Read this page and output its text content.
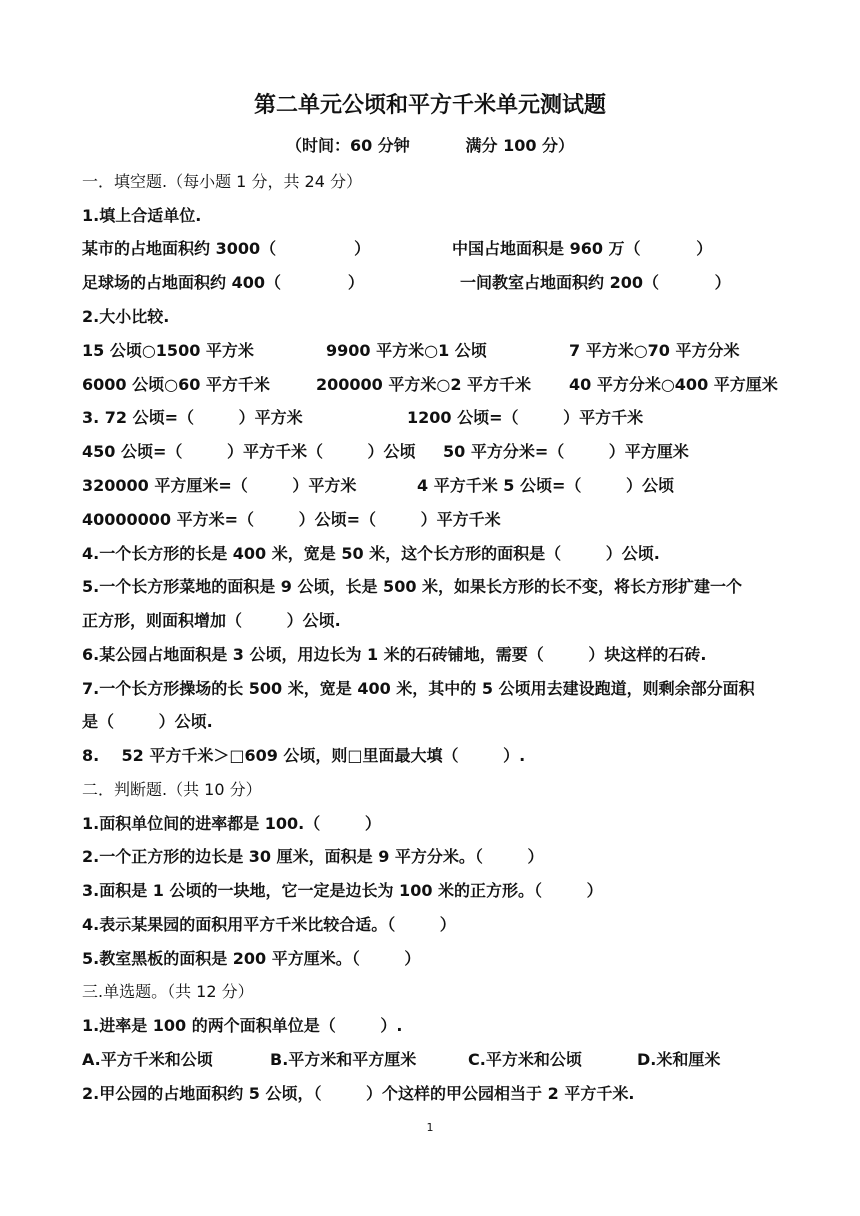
第二单元公顷和平方千米单元测试题
（时间：60 分钟          满分 100 分）
一．填空题.（每小题 1 分，共 24 分）
1.填上合适单位.
某市的占地面积约 3000（              ）	中国占地面积是 960 万（          ）
足球场的占地面积约 400（            ）	一间教室占地面积约 200（          ）
2.大小比较.
15 公顷○1500 平方米	9900 平方米○1 公顷	7 平方米○70 平方分米
6000 公顷○60 平方千米	200000 平方米○2 平方千米 40 平方分米○400 平方厘米
3. 72 公顷=（        ）平方米	1200 公顷=（        ）平方千米
450 公顷=（        ）平方千米（        ）公顷 50 平方分米=（        ）平方厘米
320000 平方厘米=（        ）平方米	4 平方千米 5 公顷=（        ）公顷
40000000 平方米=（        ）公顷=（        ）平方千米
4.一个长方形的长是 400 米，宽是 50 米，这个长方形的面积是（        ）公顷.
5.一个长方形菜地的面积是 9 公顷，长是 500 米，如果长方形的长不变，将长方形扩建一个
正方形，则面积增加（        ）公顷.
6.某公园占地面积是 3 公顷，用边长为 1 米的石砖铺地，需要（        ）块这样的石砖.
7.一个长方形操场的长 500 米，宽是 400 米，其中的 5 公顷用去建设跑道，则剩余部分面积
是（        ）公顷.
8.    52 平方千米＞□609 公顷，则□里面最大填（        ）.
二．判断题.（共 10 分）
1.面积单位间的进率都是 100.（        ）
2.一个正方形的边长是 30 厘米，面积是 9 平方分米。（        ）
3.面积是 1 公顷的一块地，它一定是边长为 100 米的正方形。（        ）
4.表示某果园的面积用平方千米比较合适。（        ）
5.教室黑板的面积是 200 平方厘米。（        ）
三.单选题。（共 12 分）
1.进率是 100 的两个面积单位是（        ）.
A.平方千米和公顷	B.平方米和平方厘米	C.平方米和公顷	D.米和厘米
2.甲公园的占地面积约 5 公顷，（        ）个这样的甲公园相当于 2 平方千米.
1
